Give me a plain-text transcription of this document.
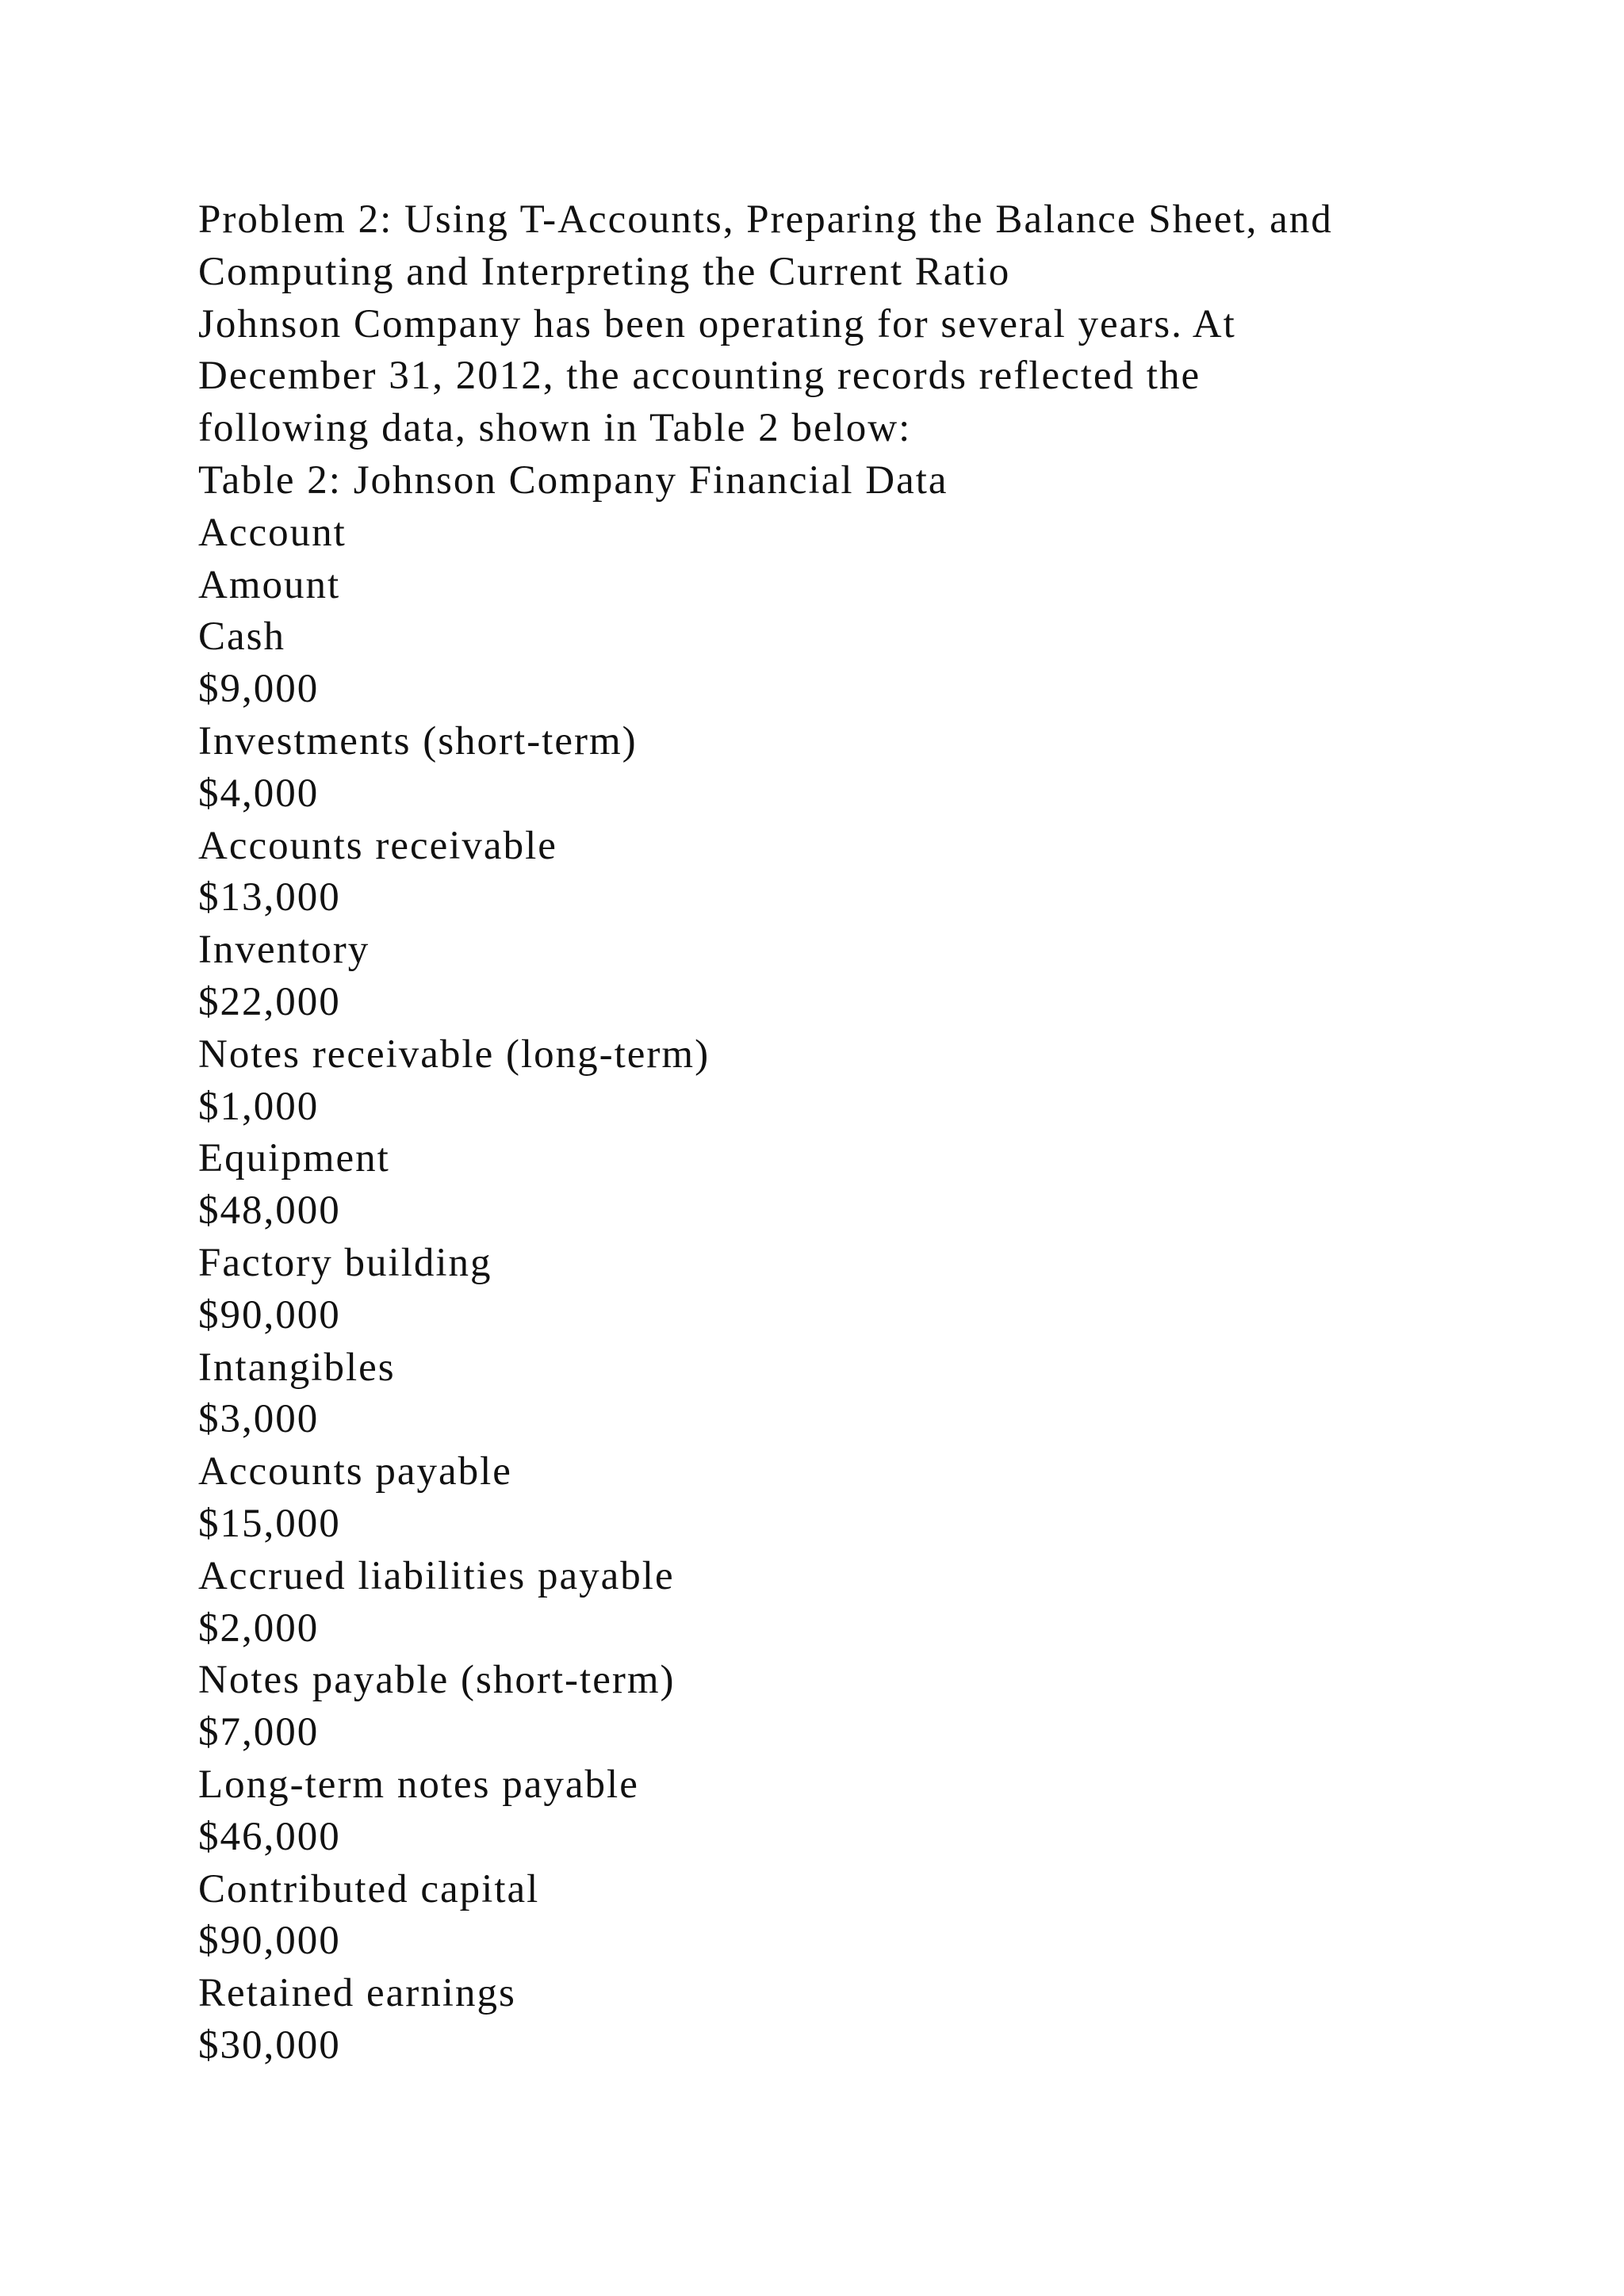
Problem 2: Using T-Accounts, Preparing the Balance Sheet, and
Computing and Interpreting the Current Ratio
Johnson Company has been operating for several years. At
December 31, 2012, the accounting records reflected the
following data, shown in Table 2 below:
Table 2: Johnson Company Financial Data
Account
Amount
Cash
$9,000
Investments (short-term)
$4,000
Accounts receivable
$13,000
Inventory
$22,000
Notes receivable (long-term)
$1,000
Equipment
$48,000
Factory building
$90,000
Intangibles
$3,000
Accounts payable
$15,000
Accrued liabilities payable
$2,000
Notes payable (short-term)
$7,000
Long-term notes payable
$46,000
Contributed capital
$90,000
Retained earnings
$30,000
